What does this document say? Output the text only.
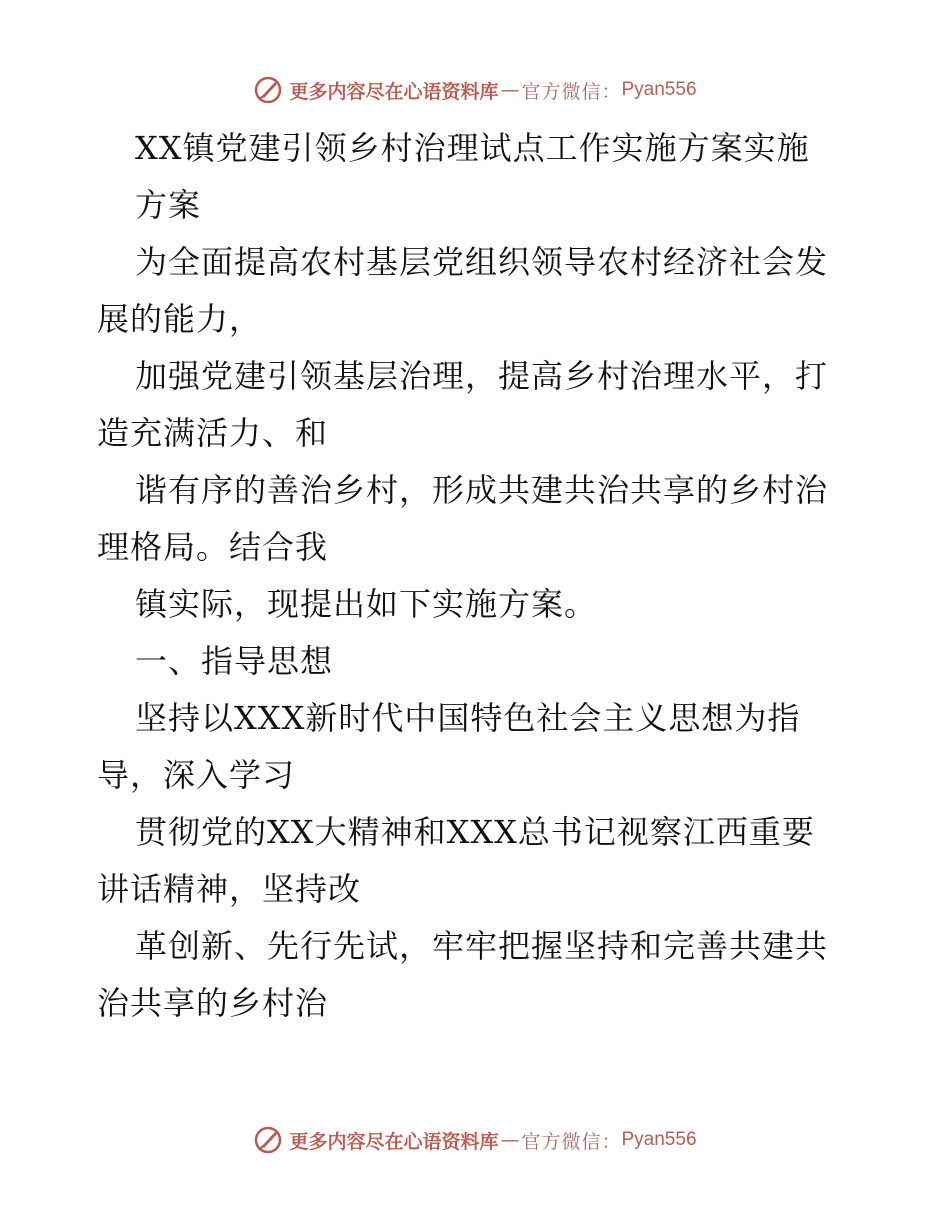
更多内容尽在心语资料库 — 官方微信： Pyan556
XX镇党建引领乡村治理试点工作实施方案实施
方案
为全面提高农村基层党组织领导农村经济社会发
展的能力，
加强党建引领基层治理，提高乡村治理水平，打
造充满活力、和
谐有序的善治乡村，形成共建共治共享的乡村治
理格局。结合我
镇实际，现提出如下实施方案。
一、指导思想
坚持以XXX新时代中国特色社会主义思想为指
导，深入学习
贯彻党的XX大精神和XXX总书记视察江西重要
讲话精神，坚持改
革创新、先行先试，牢牢把握坚持和完善共建共
治共享的乡村治
更多内容尽在心语资料库 — 官方微信： Pyan556
